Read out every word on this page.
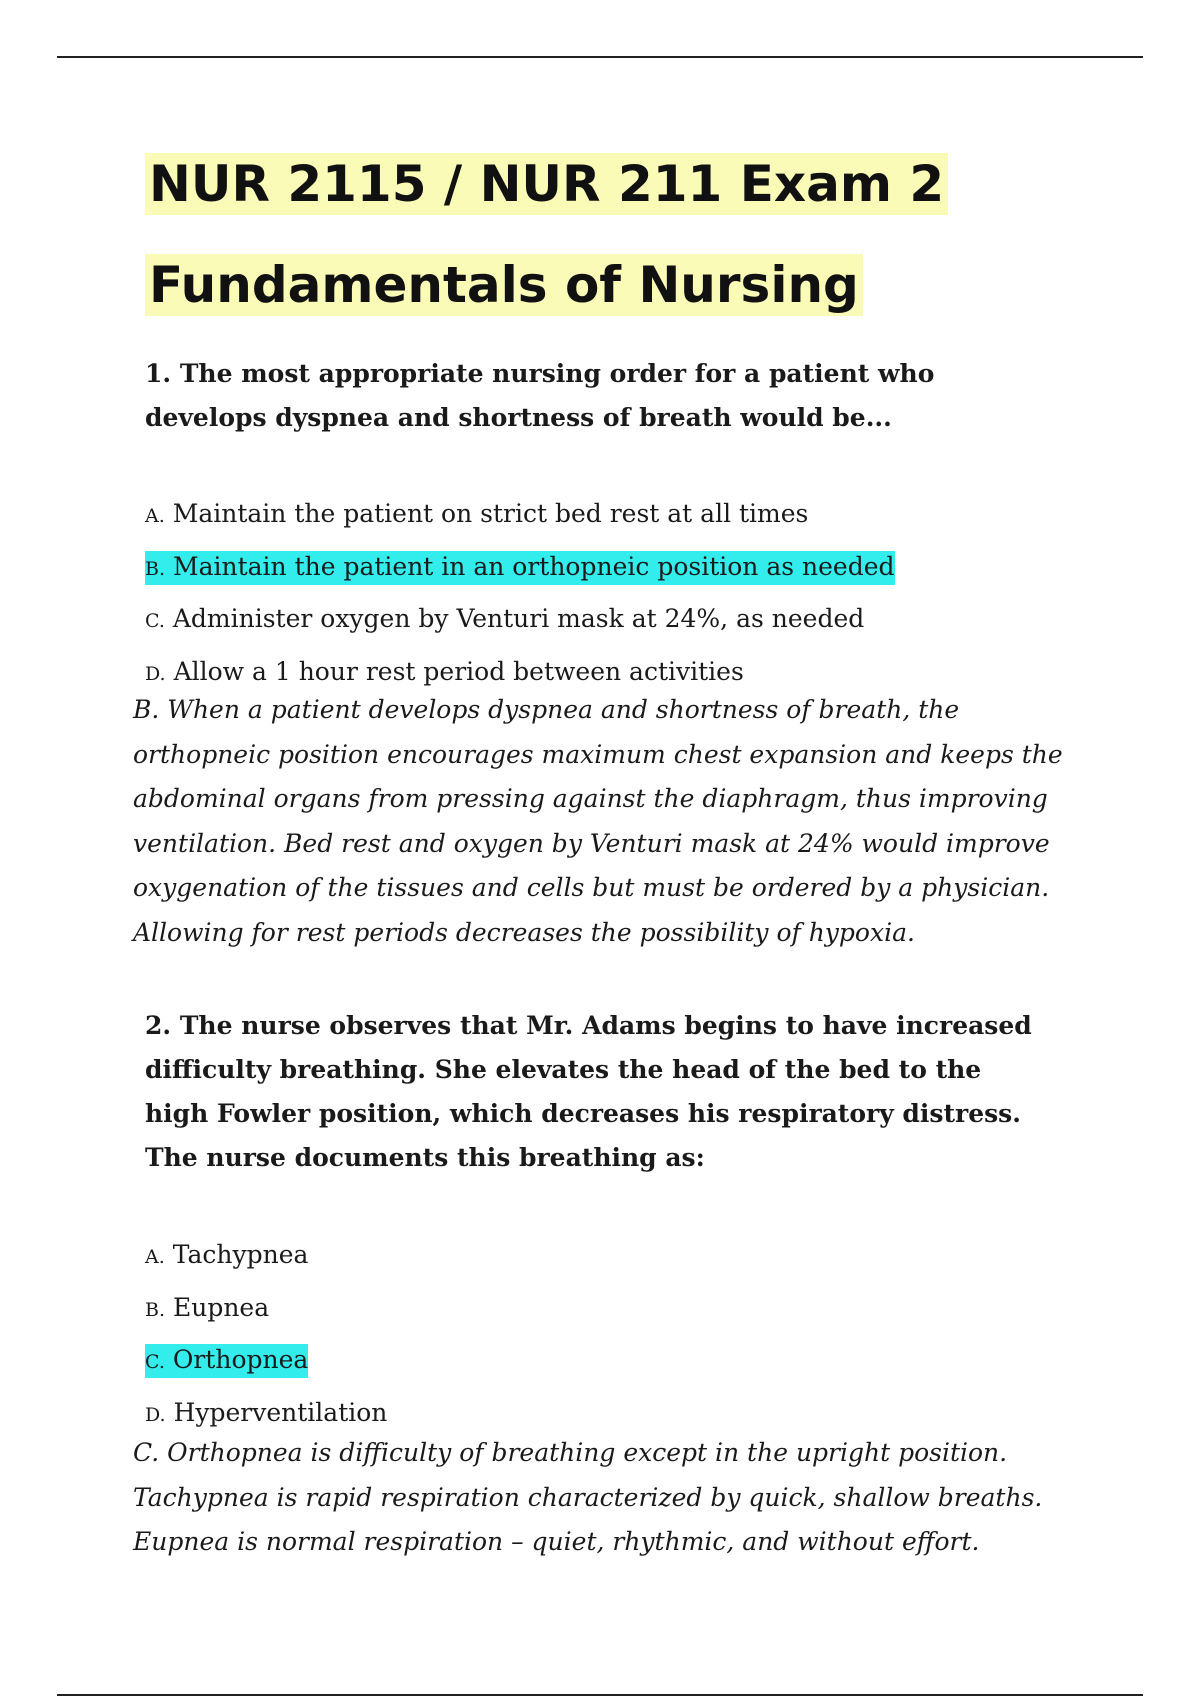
NUR 2115 / NUR 211 Exam 2
Fundamentals of Nursing

1. The most appropriate nursing order for a patient who develops dyspnea and shortness of breath would be...

A. Maintain the patient on strict bed rest at all times
B. Maintain the patient in an orthopneic position as needed
C. Administer oxygen by Venturi mask at 24%, as needed
D. Allow a 1 hour rest period between activities

B. When a patient develops dyspnea and shortness of breath, the orthopneic position encourages maximum chest expansion and keeps the abdominal organs from pressing against the diaphragm, thus improving ventilation. Bed rest and oxygen by Venturi mask at 24% would improve oxygenation of the tissues and cells but must be ordered by a physician. Allowing for rest periods decreases the possibility of hypoxia.

2. The nurse observes that Mr. Adams begins to have increased difficulty breathing. She elevates the head of the bed to the high Fowler position, which decreases his respiratory distress. The nurse documents this breathing as:

A. Tachypnea
B. Eupnea
C. Orthopnea
D. Hyperventilation

C. Orthopnea is difficulty of breathing except in the upright position. Tachypnea is rapid respiration characterized by quick, shallow breaths. Eupnea is normal respiration – quiet, rhythmic, and without effort.
